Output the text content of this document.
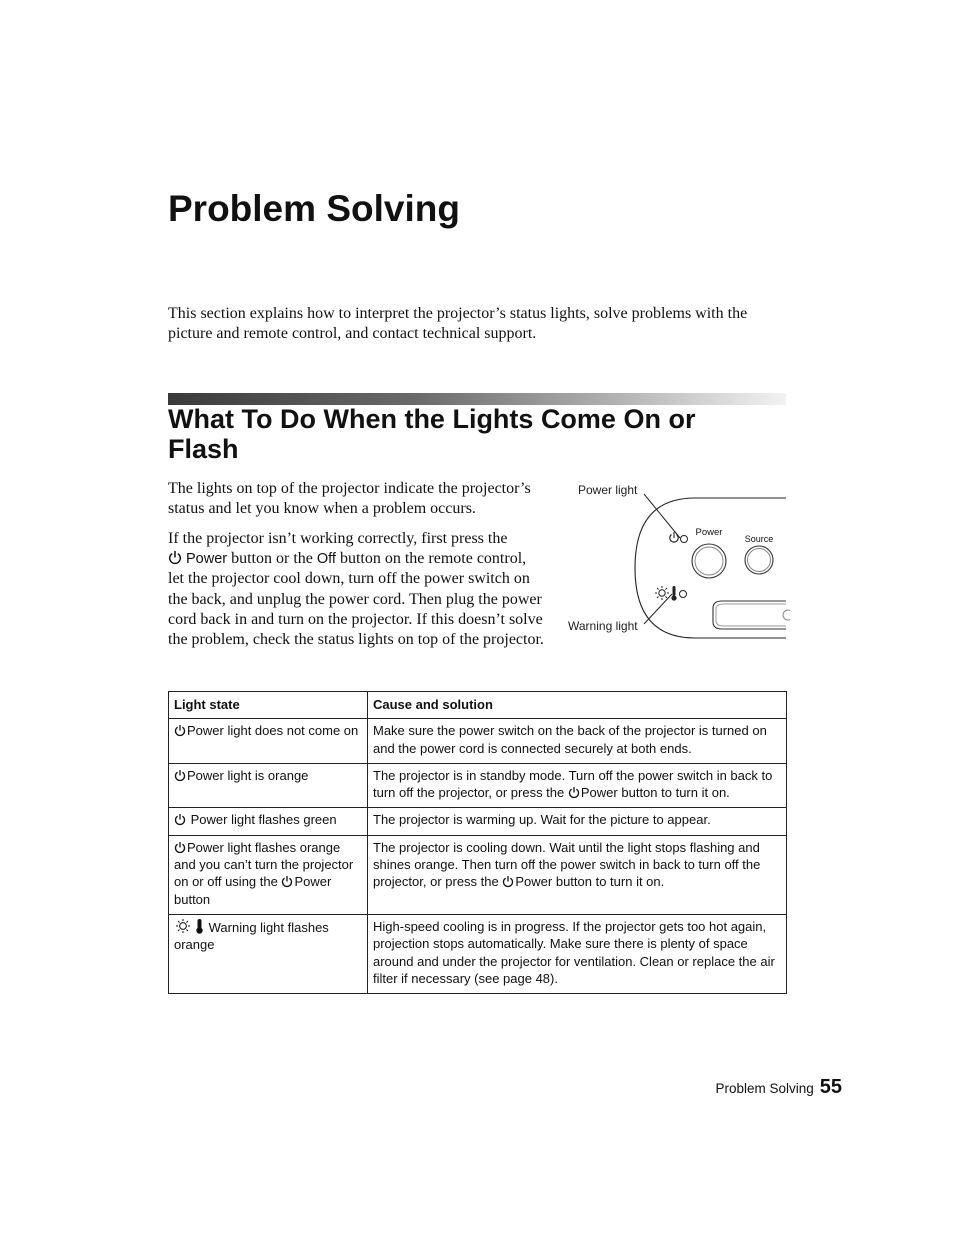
Problem Solving
This section explains how to interpret the projector’s status lights, solve problems with the picture and remote control, and contact technical support.
What To Do When the Lights Come On or Flash
The lights on top of the projector indicate the projector’s status and let you know when a problem occurs.
If the projector isn’t working correctly, first press the
Power button or the Off button on the remote control, let the projector cool down, turn off the power switch on the back, and unplug the power cord. Then plug the power cord back in and turn on the projector. If this doesn’t solve the problem, check the status lights on top of the projector.
Power
Source
Power light
Warning light
Light state	Cause and solution
Power light does not come on	Make sure the power switch on the back of the projector is turned on and the power cord is connected securely at both ends.
Power light is orange	The projector is in standby mode. Turn off the power switch in back to turn off the projector, or press the Power button to turn it on.
Power light flashes green	The projector is warming up. Wait for the picture to appear.
Power light flashes orange and you can’t turn the projector on or off using the Power button	The projector is cooling down. Wait until the light stops flashing and shines orange. Then turn off the power switch in back to turn off the projector, or press the Power button to turn it on.
Warning light flashes orange	High-speed cooling is in progress. If the projector gets too hot again, projection stops automatically. Make sure there is plenty of space around and under the projector for ventilation. Clean or replace the air filter if necessary (see page 48).
Problem Solving 55
